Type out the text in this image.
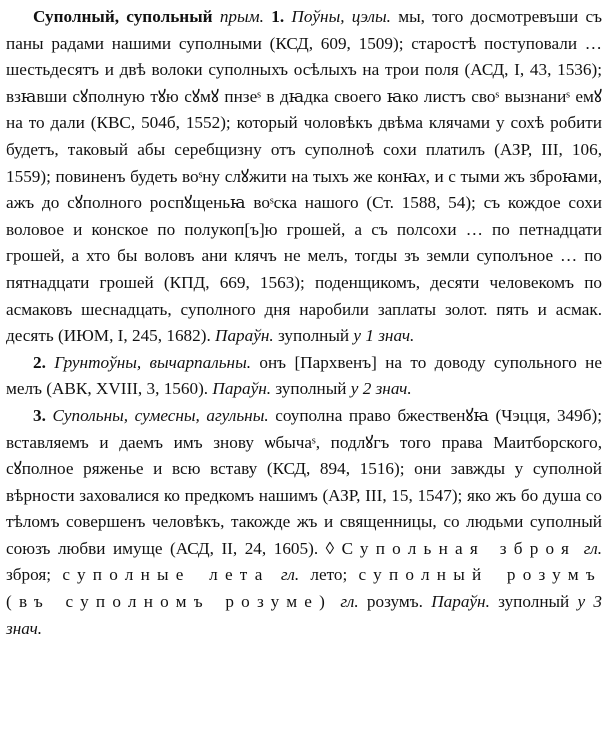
Суполный, супольный прым. 1. Поўны, цэлы. мы, того досмотревъши съ паны радами нашими суполными (КСД, 609, 1509); старостѣ поступовали … шестьдесятъ и двѣ волоки суполныхъ осѣлыхъ на трои поля (АСД, I, 43, 1536); взꙗвши сꙋполную тꙋю сꙋмꙋ пнзеˢ в дꙗдка своего ꙗко листъ своˢ вызнаниˢ емꙋ на то дали (КВС, 504б, 1552); который чоловѣкъ двѣма клячами у сохѣ робити будетъ, таковый абы серебщизну отъ суполноѣ сохи платилъ (АЗР, III, 106, 1559); повиненъ будеть воˢну слꙋжити на тыхъ же конꙗх, и с тыми жъ зброꙗми, ажъ до сꙋполного роспꙋщеньꙗ воˢска нашого (Ст. 1588, 54); съ кождое сохи воловое и конское по полукоп[ъ]ю грошей, а съ полсохи … по петнадцати грошей, а хто бы воловъ ани клячъ не мелъ, тогды зъ земли суполъное … по пятнадцати грошей (КПД, 669, 1563); поденщикомъ, десяти человекомъ по асмаковъ шеснадцать, суполного дня наробили заплаты золот. пять и асмак. десять (ИЮМ, I, 245, 1682). Параўн. зуполный у 1 знач.

2. Грунтоўны, вычарпальны. онъ [Пархвенъ] на то доводу супольного не мелъ (АВК, XVIII, 3, 1560). Параўн. зуполный у 2 знач.

3. Супольны, сумесны, агульны. соуполна право бжественꙋꙗ (Чэцця, 349б); вставляемъ и даемъ имъ знову ѡбычаˢ, подлꙋгъ того права Маитборского, сꙋполное ряженье и всю вставу (КСД, 894, 1516); они завжды у суполной вѣрности заховалися ко предкомъ нашимъ (АЗР, III, 15, 1547); яко жъ бо душа со тѣломъ совершенъ человѣкъ, такожде жъ и священницы, со людьми суполный союзъ любви имуще (АСД, II, 24, 1605). ◊ Супольная зброя гл. зброя; суполные лета гл. лето; суполный розумъ (въ суполномъ розуме) гл. розумъ. Параўн. зуполный у 3 знач.
